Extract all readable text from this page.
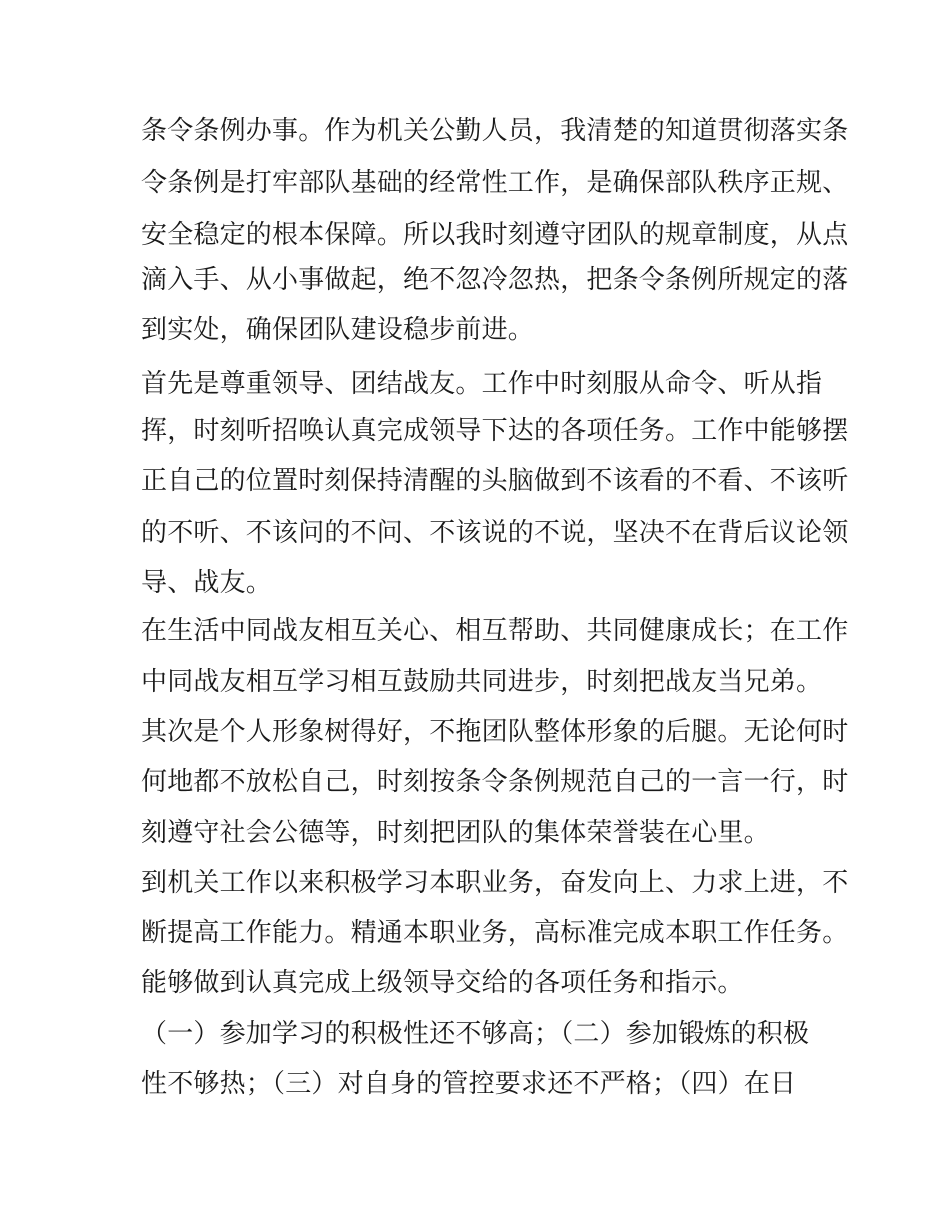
条令条例办事。作为机关公勤人员，我清楚的知道贯彻落实条
令条例是打牢部队基础的经常性工作，是确保部队秩序正规、
安全稳定的根本保障。所以我时刻遵守团队的规章制度，从点
滴入手、从小事做起，绝不忽冷忽热，把条令条例所规定的落
到实处，确保团队建设稳步前进。
首先是尊重领导、团结战友。工作中时刻服从命令、听从指
挥，时刻听招唤认真完成领导下达的各项任务。工作中能够摆
正自己的位置时刻保持清醒的头脑做到不该看的不看、不该听
的不听、不该问的不问、不该说的不说，坚决不在背后议论领
导、战友。
在生活中同战友相互关心、相互帮助、共同健康成长；在工作
中同战友相互学习相互鼓励共同进步，时刻把战友当兄弟。
其次是个人形象树得好，不拖团队整体形象的后腿。无论何时
何地都不放松自己，时刻按条令条例规范自己的一言一行，时
刻遵守社会公德等，时刻把团队的集体荣誉装在心里。
到机关工作以来积极学习本职业务，奋发向上、力求上进，不
断提高工作能力。精通本职业务，高标准完成本职工作任务。
能够做到认真完成上级领导交给的各项任务和指示。
（一）参加学习的积极性还不够高；（二）参加锻炼的积极
性不够热；（三）对自身的管控要求还不严格；（四）在日
